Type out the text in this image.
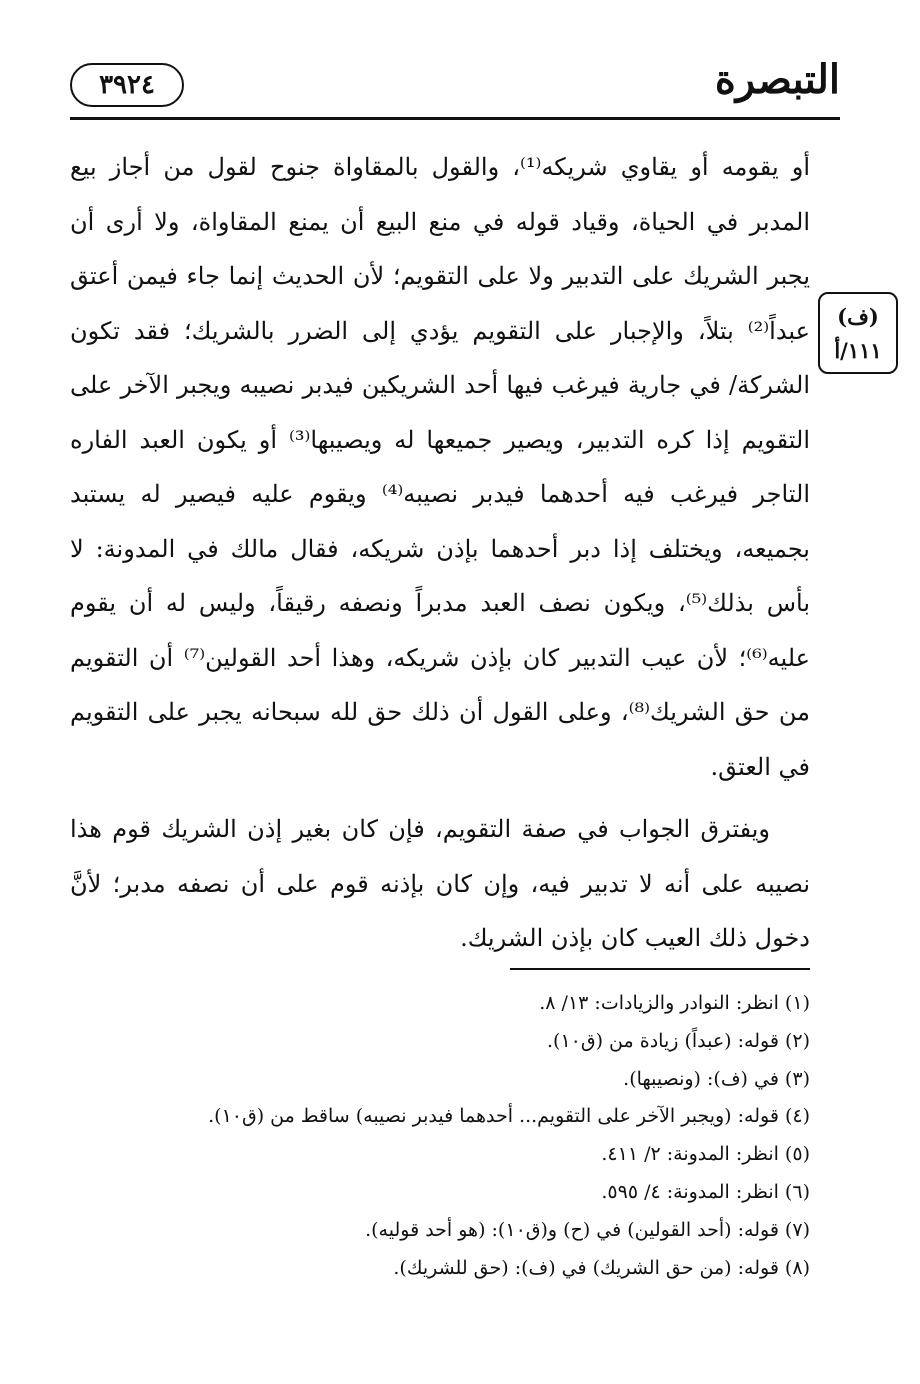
٣٩٢٤	التبصرة
(ف)
١١١/أ

أو يقومه أو يقاوي شريكه⁽¹⁾، والقول بالمقاواة جنوح لقول من أجاز بيع المدبر في الحياة، وقياد قوله في منع البيع أن يمنع المقاواة، ولا أرى أن يجبر الشريك على التدبير ولا على التقويم؛ لأن الحديث إنما جاء فيمن أعتق عبداً⁽²⁾ بتلاً، والإجبار على التقويم يؤدي إلى الضرر بالشريك؛ فقد تكون الشركة/ في جارية فيرغب فيها أحد الشريكين فيدبر نصيبه ويجبر الآخر على التقويم إذا كره التدبير، ويصير جميعها له ويصيبها⁽³⁾ أو يكون العبد الفاره التاجر فيرغب فيه أحدهما فيدبر نصيبه⁽⁴⁾ ويقوم عليه فيصير له يستبد بجميعه، ويختلف إذا دبر أحدهما بإذن شريكه، فقال مالك في المدونة: لا بأس بذلك⁽⁵⁾، ويكون نصف العبد مدبراً ونصفه رقيقاً، وليس له أن يقوم عليه⁽⁶⁾؛ لأن عيب التدبير كان بإذن شريكه، وهذا أحد القولين⁽⁷⁾ أن التقويم من حق الشريك⁽⁸⁾، وعلى القول أن ذلك حق لله سبحانه يجبر على التقويم في العتق.

ويفترق الجواب في صفة التقويم، فإن كان بغير إذن الشريك قوم هذا نصيبه على أنه لا تدبير فيه، وإن كان بإذنه قوم على أن نصفه مدبر؛ لأنَّ دخول ذلك العيب كان بإذن الشريك.

(١) انظر: النوادر والزيادات: ١٣/ ٨.
(٢) قوله: (عبداً) زيادة من (ق١٠).
(٣) في (ف): (ونصيبها).
(٤) قوله: (ويجبر الآخر على التقويم... أحدهما فيدبر نصيبه) ساقط من (ق١٠).
(٥) انظر: المدونة: ٢/ ٤١١.
(٦) انظر: المدونة: ٤/ ٥٩٥.
(٧) قوله: (أحد القولين) في (ح) و(ق١٠): (هو أحد قوليه).
(٨) قوله: (من حق الشريك) في (ف): (حق للشريك).
